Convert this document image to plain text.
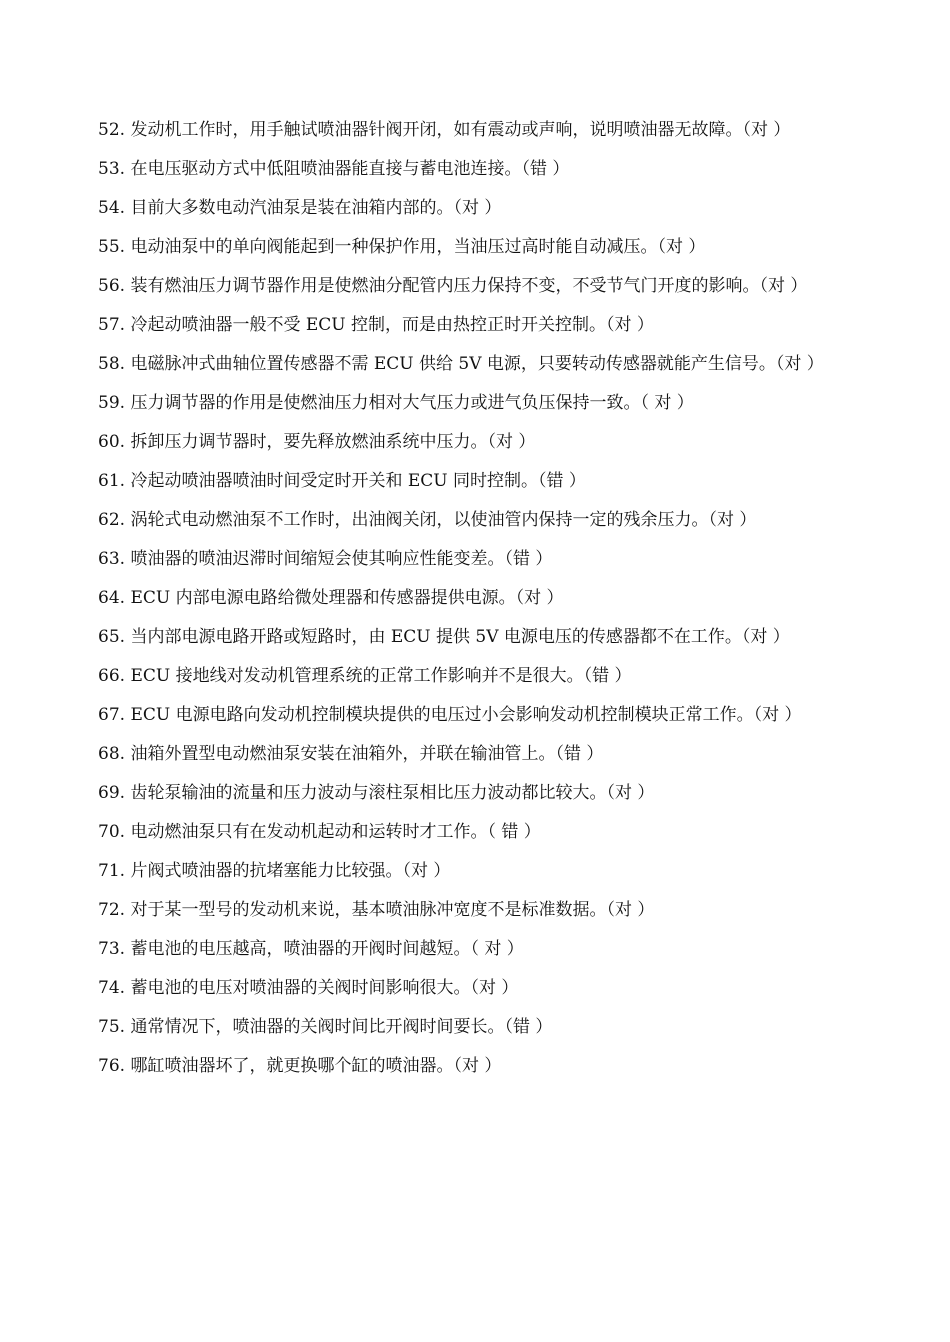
52. 发动机工作时，用手触试喷油器针阀开闭，如有震动或声响，说明喷油器无故障。（对 ）
53. 在电压驱动方式中低阻喷油器能直接与蓄电池连接。（错 ）
54. 目前大多数电动汽油泵是装在油箱内部的。（对 ）
55. 电动油泵中的单向阀能起到一种保护作用，当油压过高时能自动减压。（对 ）
56. 装有燃油压力调节器作用是使燃油分配管内压力保持不变，不受节气门开度的影响。（对 ）
57. 冷起动喷油器一般不受 ECU 控制，而是由热控正时开关控制。（对 ）
58. 电磁脉冲式曲轴位置传感器不需 ECU 供给 5V 电源，只要转动传感器就能产生信号。（对 ）
59. 压力调节器的作用是使燃油压力相对大气压力或进气负压保持一致。（ 对 ）
60. 拆卸压力调节器时，要先释放燃油系统中压力。（对 ）
61. 冷起动喷油器喷油时间受定时开关和 ECU 同时控制。（错 ）
62. 涡轮式电动燃油泵不工作时，出油阀关闭，以使油管内保持一定的残余压力。（对 ）
63. 喷油器的喷油迟滞时间缩短会使其响应性能变差。（错 ）
64. ECU 内部电源电路给微处理器和传感器提供电源。（对 ）
65. 当内部电源电路开路或短路时，由 ECU 提供 5V 电源电压的传感器都不在工作。（对 ）
66. ECU 接地线对发动机管理系统的正常工作影响并不是很大。（错 ）
67. ECU 电源电路向发动机控制模块提供的电压过小会影响发动机控制模块正常工作。（对 ）
68. 油箱外置型电动燃油泵安装在油箱外，并联在输油管上。（错 ）
69. 齿轮泵输油的流量和压力波动与滚柱泵相比压力波动都比较大。（对 ）
70. 电动燃油泵只有在发动机起动和运转时才工作。（ 错 ）
71. 片阀式喷油器的抗堵塞能力比较强。（对 ）
72. 对于某一型号的发动机来说，基本喷油脉冲宽度不是标准数据。（对 ）
73. 蓄电池的电压越高，喷油器的开阀时间越短。（ 对 ）
74. 蓄电池的电压对喷油器的关阀时间影响很大。（对 ）
75. 通常情况下，喷油器的关阀时间比开阀时间要长。（错 ）
76. 哪缸喷油器坏了，就更换哪个缸的喷油器。（对 ）
